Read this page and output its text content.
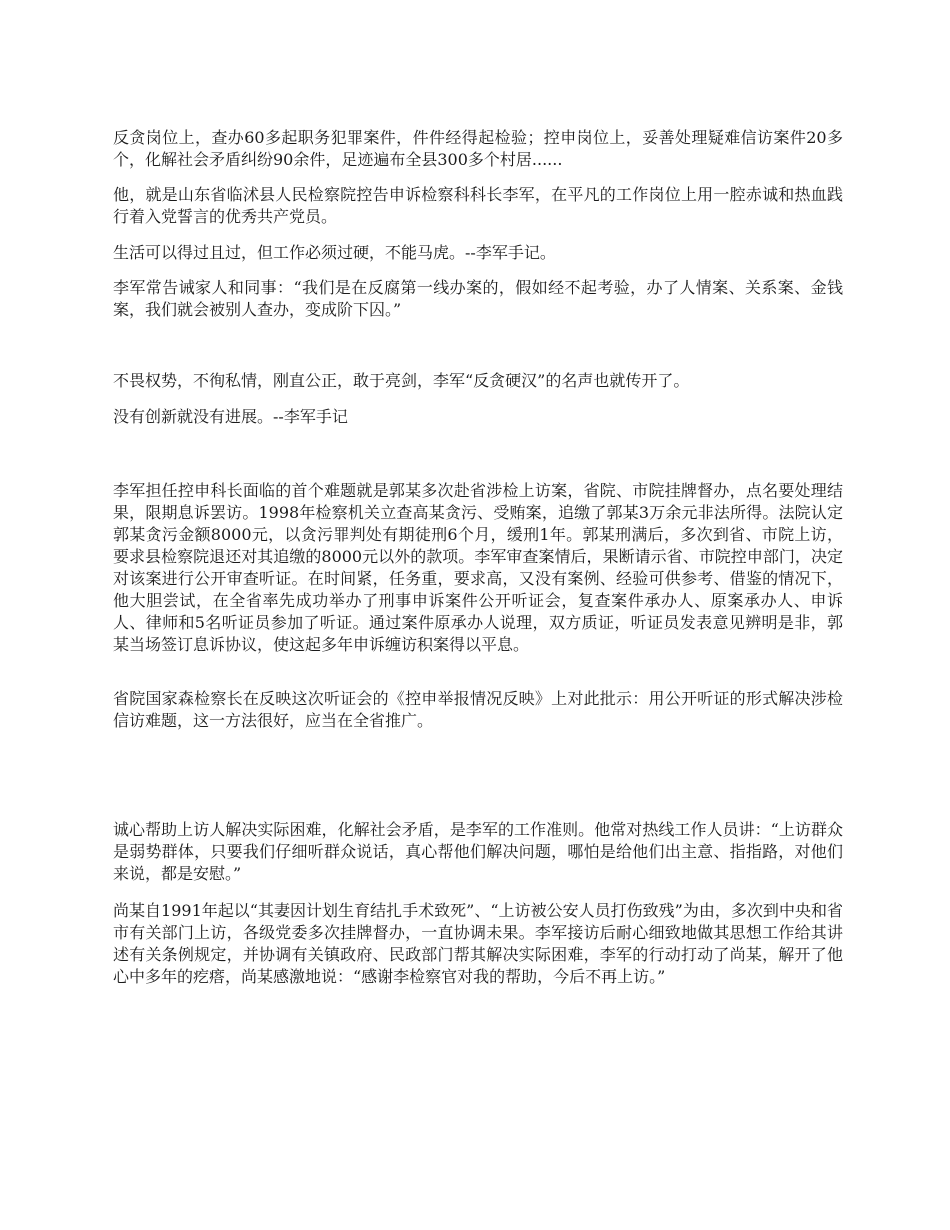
反贪岗位上，查办60多起职务犯罪案件，件件经得起检验；控申岗位上，妥善处理疑难信访案件20多个，化解社会矛盾纠纷90余件，足迹遍布全县300多个村居......

他，就是山东省临沭县人民检察院控告申诉检察科科长李军，在平凡的工作岗位上用一腔赤诚和热血践行着入党誓言的优秀共产党员。

生活可以得过且过，但工作必须过硬，不能马虎。--李军手记。

李军常告诫家人和同事：“我们是在反腐第一线办案的，假如经不起考验，办了人情案、关系案、金钱案，我们就会被别人查办，变成阶下囚。”

不畏权势，不徇私情，刚直公正，敢于亮剑，李军“反贪硬汉”的名声也就传开了。

没有创新就没有进展。--李军手记

李军担任控申科长面临的首个难题就是郭某多次赴省涉检上访案，省院、市院挂牌督办，点名要处理结果，限期息诉罢访。1998年检察机关立查高某贪污、受贿案，追缴了郭某3万余元非法所得。法院认定郭某贪污金额8000元，以贪污罪判处有期徒刑6个月，缓刑1年。郭某刑满后，多次到省、市院上访，要求县检察院退还对其追缴的8000元以外的款项。李军审查案情后，果断请示省、市院控申部门，决定对该案进行公开审查听证。在时间紧，任务重，要求高，又没有案例、经验可供参考、借鉴的情况下，他大胆尝试，在全省率先成功举办了刑事申诉案件公开听证会，复查案件承办人、原案承办人、申诉人、律师和5名听证员参加了听证。通过案件原承办人说理，双方质证，听证员发表意见辨明是非，郭某当场签订息诉协议，使这起多年申诉缠访积案得以平息。

省院国家森检察长在反映这次听证会的《控申举报情况反映》上对此批示：用公开听证的形式解决涉检信访难题，这一方法很好，应当在全省推广。

诚心帮助上访人解决实际困难，化解社会矛盾，是李军的工作准则。他常对热线工作人员讲：“上访群众是弱势群体，只要我们仔细听群众说话，真心帮他们解决问题，哪怕是给他们出主意、指指路，对他们来说，都是安慰。”

尚某自1991年起以“其妻因计划生育结扎手术致死”、“上访被公安人员打伤致残”为由，多次到中央和省市有关部门上访，各级党委多次挂牌督办，一直协调未果。李军接访后耐心细致地做其思想工作给其讲述有关条例规定，并协调有关镇政府、民政部门帮其解决实际困难，李军的行动打动了尚某，解开了他心中多年的疙瘩，尚某感激地说：“感谢李检察官对我的帮助，今后不再上访。”
